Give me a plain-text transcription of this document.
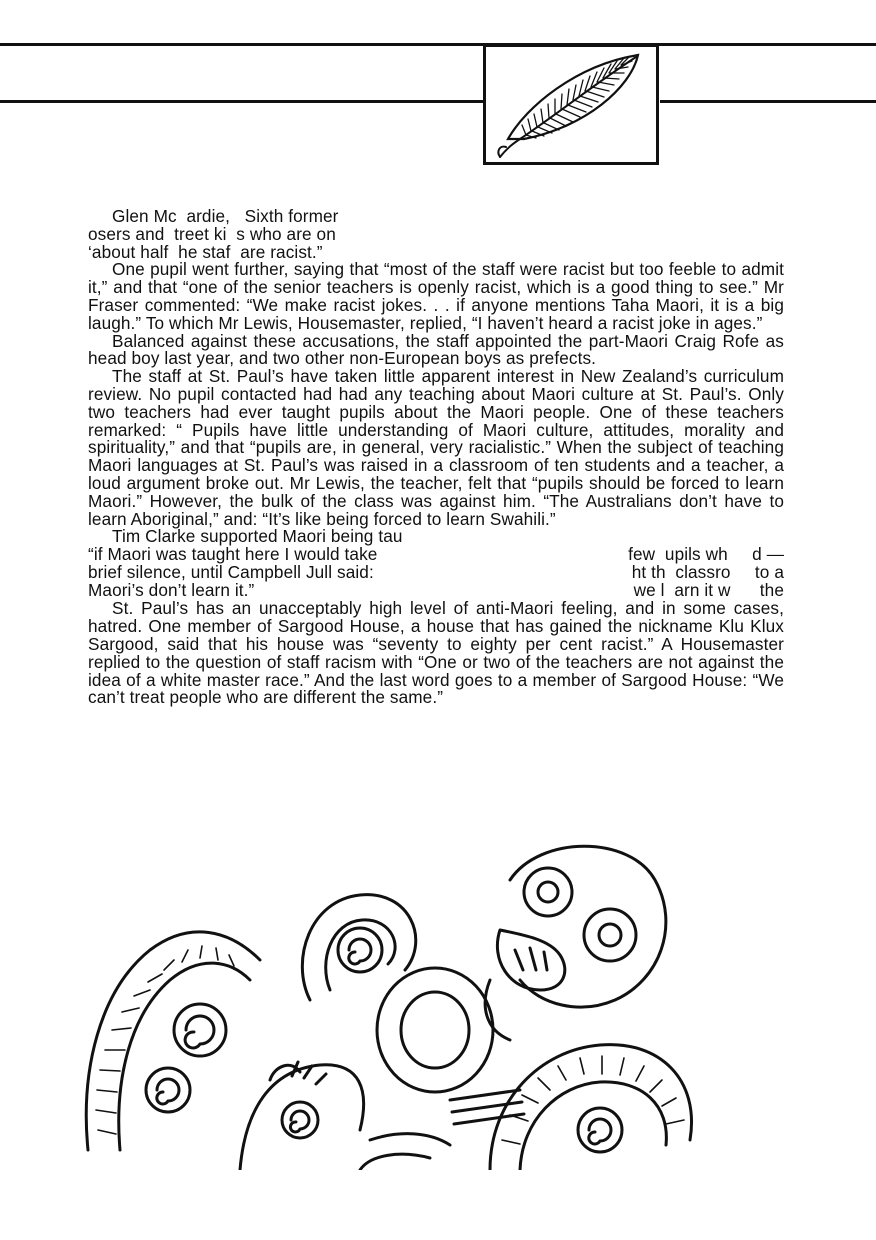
Glen Mc  ardie,   Sixth former
osers and  treet ki  s who are on
‘about half  he staf  are racist.”

One pupil went further, saying that “most of the staff were racist but too feeble to admit it,” and that “one of the senior teachers is openly racist, which is a good thing to see.” Mr Fraser commented: “We make racist jokes. . . if anyone mentions Taha Maori, it is a big laugh.” To which Mr Lewis, Housemaster, replied, “I haven’t heard a racist joke in ages.”

Balanced against these accusations, the staff appointed the part-Maori Craig Rofe as head boy last year, and two other non-European boys as prefects.

The staff at St. Paul’s have taken little apparent interest in New Zealand’s curriculum review. No pupil contacted had had any teaching about Maori culture at St. Paul’s. Only two teachers had ever taught pupils about the Maori people. One of these teachers remarked: “ Pupils have little understanding of Maori culture, attitudes, morality and spirituality,” and that “pupils are, in general, very racialistic.” When the subject of teaching Maori languages at St. Paul’s was raised in a classroom of ten students and a teacher, a loud argument broke out. Mr Lewis, the teacher, felt that “pupils should be forced to learn Maori.” However, the bulk of the class was against him. “The Australians don’t have to learn Aboriginal,” and: “It’s like being forced to learn Swahili.”

Tim Clarke supported Maori being tau
“if Maori was taught here I would take
brief silence, until Campbell Jull said:
Maori’s don’t learn it.”
few  upils wh     d —
ht th  classro     to a
we l  arn it w      the

St. Paul’s has an unacceptably high level of anti-Maori feeling, and in some cases, hatred. One member of Sargood House, a house that has gained the nickname Klu Klux Sargood, said that his house was “seventy to eighty per cent racist.” A Housemaster replied to the question of staff racism with “One or two of the teachers are not against the idea of a white master race.” And the last word goes to a member of Sargood House: “We can’t treat people who are different the same.”
